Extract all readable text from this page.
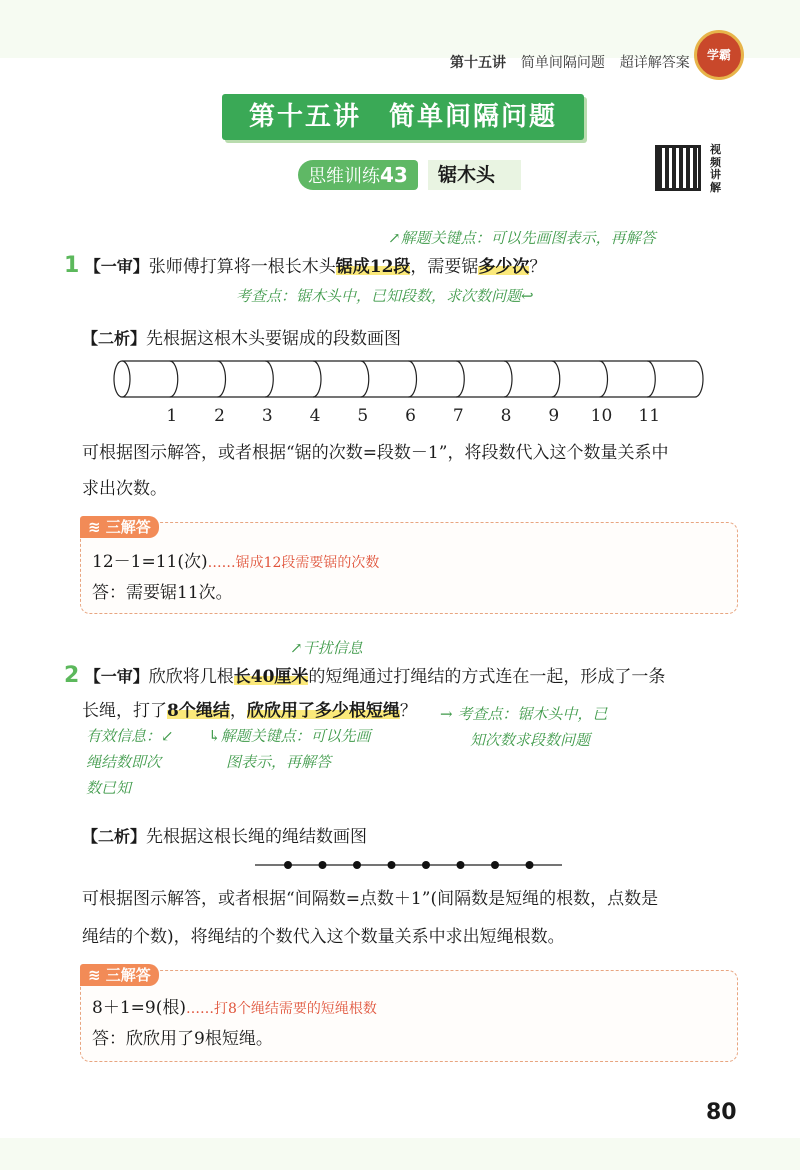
第十五讲 简单间隔问题 超详解答案	学霸
第十五讲　简单间隔问题
思维训练43	锯木头
视频讲解
↗解题关键点：可以先画图表示，再解答
1 【一审】张师傅打算将一根长木头锯成12段，需要锯多少次？
考查点：锯木头中，已知段数，求次数问题↩
【二析】先根据这根木头要锯成的段数画图
1 2 3 4 5 6 7 8 9 10 11
可根据图示解答，或者根据“锯的次数=段数－1”，将段数代入这个数量关系中
求出次数。
≋ 三解答
12－1=11(次)……锯成12段需要锯的次数
答：需要锯11次。
↗干扰信息
2 【一审】欣欣将几根长40厘米的短绳通过打绳结的方式连在一起，形成了一条
长绳，打了8个绳结，欣欣用了多少根短绳？ → 考查点：锯木头中，已
知次数求段数问题
有效信息：↙
绳结数即次
数已知
↳解题关键点：可以先画
图表示，再解答
【二析】先根据这根长绳的绳结数画图
可根据图示解答，或者根据“间隔数=点数＋1”(间隔数是短绳的根数，点数是
绳结的个数)，将绳结的个数代入这个数量关系中求出短绳根数。
≋ 三解答
8＋1=9(根)……打8个绳结需要的短绳根数
答：欣欣用了9根短绳。
80
